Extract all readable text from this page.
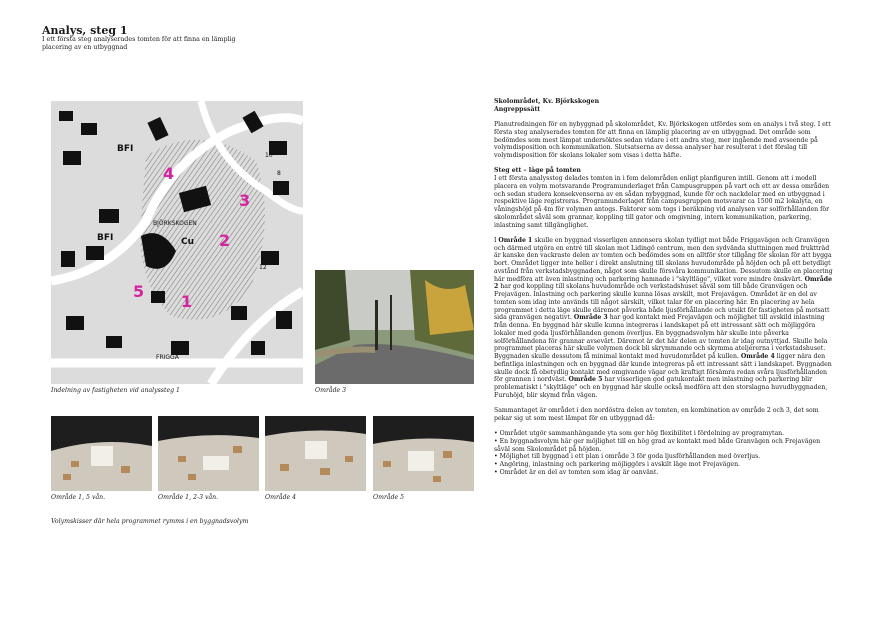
Analys, steg 1
I ett första steg analyserades tomten för att finna en lämplig placering av en utbyggnad
BFI
BFI	Cu
BJÖRKSKOGEN
FRIGGA
12
10
8
1
2
3
4
5
Indelning av fastigheten vid analyssteg 1	Område 3
Område 1, 5 vån.	Område 1, 2-3 vån.	Område 4	Område 5
Volymskisser där hela programmet rymms i en byggnadsvolym

Skolområdet, Kv. Björkskogen
Angreppssätt

Planutredningen för en nybyggnad på skolområdet, Kv. Björkskogen utfördes som en analys i två steg. I ett första steg analyserades tomten för att finna en lämplig placering av en utbyggnad. Det område som bedömdes som mest lämpat undersöktes sedan vidare i ett andra steg, mer ingående med avseende på volymdisposition och kommunikation. Slutsatserna av dessa analyser har resulterat i det förslag till volymdisposition för skolans lokaler som visas i detta häfte.

Steg ett – läge på tomten
I ett första analyssteg delades tomten in i fem delområden enligt planfiguren intill. Genom att i modell placera en volym motsvarande Programunderlaget från Campusgruppen på vart och ett av dessa områden och sedan studera konsekvenserna av en sådan nybyggnad, kunde för och nackdelar med en utbyggnad i respektive läge registreras. Programunderlaget från campusgruppen motsvarar ca 1500 m2 lokalyta, en våningshöjd på 4m för volymen antogs. Faktorer som togs i beräkning vid analysen var solförhållanden för skolområdet såväl som grannar, koppling till gator och omgivning, intern kommunikation, parkering, inlastning samt tillgänglighet.

I Område 1 skulle en byggnad visserligen annonsera skolan tydligt mot både Friggavägen och Granvägen och därmed utgöra en entré till skolan mot Lidingö centrum, men den sydvända sluttningen med fruktträd är kanske den vackraste delen av tomten och bedömdes som en alltför stor tillgång för skolan för att bygga bort. Området ligger inte heller i direkt anslutning till skolans huvudområde på höjden och på ett betydligt avstånd från verkstadsbyggnaden, något som skulle försvåra kommunikation. Dessutom skulle en placering här medföra att även inlastning och parkering hamnade i "skyltläge", vilket vore mindre önskvärt. Område 2 har god koppling till skolans huvudområde och verkstadshuset såväl som till både Granvägen och Frejavägen. Inlastning och parkering skulle kunna lösas avskilt, mot Frejavägen. Området är en del av tomten som idag inte används till något särskilt, vilket talar för en placering här. En placering av hela programmet i detta läge skulle däremot påverka både ljusförhållande och utsikt för fastigheten på motsatt sida granvägen negativt. Område 3 har god kontakt med Frejavägen och möjlighet till avskild inlastning från denna. En byggnad här skulle kunna integreras i landskapet på ett intressant sätt och möjliggöra lokaler med goda ljusförhållanden genom överljus. En byggnadsvolym här skulle inte påverka solförhållandena för grannar avsevärt. Däremot är det här delen av tomten är idag outnyttjad. Skulle hela programmet placeras här skulle volymen dock bli skrymmande och skymma ateljérerna i verkstadshuset. Byggnaden skulle dessutom få minimal kontakt med huvudområdet på kullen. Område 4 ligger nära den befintliga inlastningen och en byggnad där kunde integreras på ett intressant sätt i landskapet. Byggnaden skulle dock få obetydlig kontakt med omgivande vägar och kraftigt försämra redan svåra ljusförhållanden för grannen i nordväst. Område 5 har visserligen god gatukontakt men inlastning och parkering blir problematiskt i "skyltläge" och en byggnad här skulle också medföra att den storslagna huvudbyggnaden, Furuhöjd, blir skymd från vägen.

Sammantaget är området i den nordöstra delen av tomten, en kombination av område 2 och 3, det som pekar sig ut som mest lämpat för en utbyggnad då:

• Området utgör sammanhängande yta som ger hög flexibilitet i fördelning av programytan.
• En byggnadsvolym här ger möjlighet till en hög grad av kontakt med både Granvägen och Frejavägen såväl som Skolområdet på höjden.
• Möjlighet till byggnad i ett plan i område 3 för goda ljusförhållanden med överljus.
• Angöring, inlastning och parkering möjliggörs i avskilt läge mot Frejavägen.
• Området är en del av tomten som idag är oanvänt.
